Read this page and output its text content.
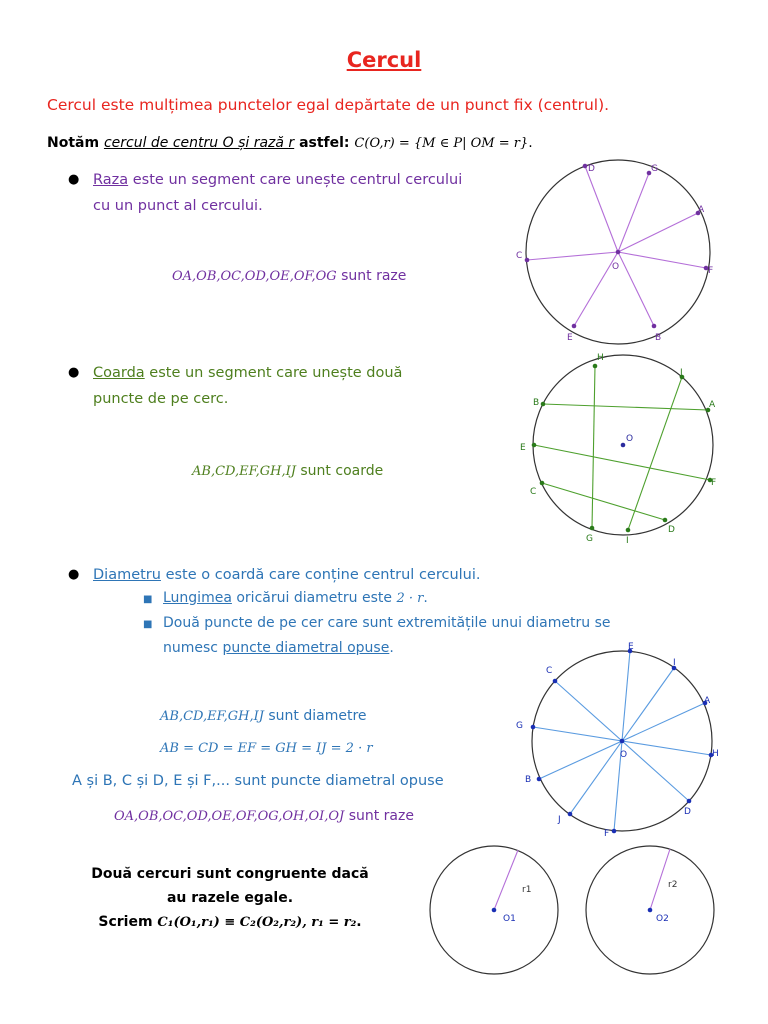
Cercul
Cercul este mulțimea punctelor egal depărtate de un punct fix (centrul).
Notăm cercul de centru O și rază r astfel: C(O,r) = {M ∈ P| OM = r}.
● Raza este un segment care unește centrul cercului
cu un punct al cercului.
OA,OB,OC,OD,OE,OF,OG sunt raze
D	G
A
F
B
E
C
O
● Coarda este un segment care unește două
puncte de pe cerc.
AB,CD,EF,GH,IJ sunt coarde
H
J
B	A
E
F
C
D
G	I
O
● Diametru este o coardă care conține centrul cercului.
■ Lungimea oricărui diametru este 2 · r.
■ Două puncte de pe cer care sunt extremitățile unui diametru se
numesc puncte diametral opuse.
AB,CD,EF,GH,IJ sunt diametre
AB = CD = EF = GH = IJ = 2 · r
A și B, C și D, E și F,... sunt puncte diametral opuse
OA,OB,OC,OD,OE,OF,OG,OH,OI,OJ sunt raze
E
C
I
A
G
H
B
D
J
F
O
Două cercuri sunt congruente dacă
au razele egale.
Scriem C₁(O₁,r₁) ≡ C₂(O₂,r₂), r₁ = r₂.
r1
O1
r2
O2
